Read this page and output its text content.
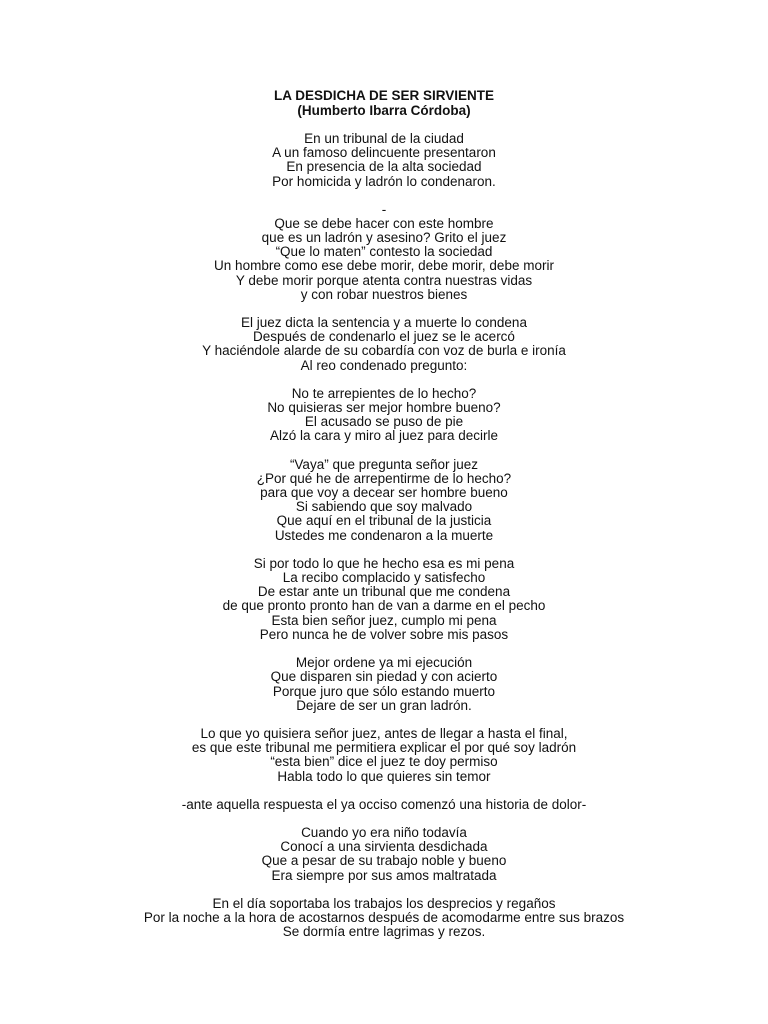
LA DESDICHA DE SER SIRVIENTE
(Humberto Ibarra Córdoba)
En un tribunal de la ciudad
A un famoso delincuente presentaron
En presencia de la alta sociedad
Por homicida y ladrón lo condenaron.
-
Que se debe hacer con este hombre
que es un ladrón y asesino? Grito el juez
“Que lo maten” contesto la sociedad
Un hombre como ese debe morir, debe morir, debe morir
Y debe morir porque atenta contra nuestras vidas
y con robar nuestros bienes
El juez dicta la sentencia y a muerte lo condena
Después de condenarlo el juez se le acercó
Y haciéndole alarde de su cobardía con voz de burla e ironía
Al reo condenado pregunto:
No te arrepientes de lo hecho?
No quisieras ser mejor hombre bueno?
El acusado se puso de pie
Alzó la cara y miro al juez para decirle
“Vaya” que pregunta señor juez
¿Por qué he de arrepentirme de lo hecho?
para que voy a decear ser hombre bueno
Si sabiendo que soy malvado
Que aquí en el tribunal de la justicia
Ustedes me condenaron a la muerte
Si por todo lo que he hecho esa es mi pena
La recibo complacido y satisfecho
De estar ante un tribunal que me condena
de que pronto pronto han de van a darme en el pecho
Esta bien señor juez, cumplo mi pena
Pero nunca he de volver sobre mis pasos
Mejor ordene ya mi ejecución
Que disparen sin piedad y con acierto
Porque juro que sólo estando muerto
Dejare de ser un gran ladrón.
Lo que yo quisiera señor juez, antes de llegar a hasta el final,
es que este tribunal me permitiera explicar el por qué soy ladrón
“esta bien” dice el juez te doy permiso
Habla todo lo que quieres sin temor
-ante aquella respuesta el ya occiso comenzó una historia de dolor-
Cuando yo era niño todavía
Conocí a una sirvienta desdichada
Que a pesar de su trabajo noble y bueno
Era siempre por sus amos maltratada
En el día soportaba los trabajos los desprecios y regaños
Por la noche a la hora de acostarnos después de acomodarme entre sus brazos
Se dormía entre lagrimas y rezos.
